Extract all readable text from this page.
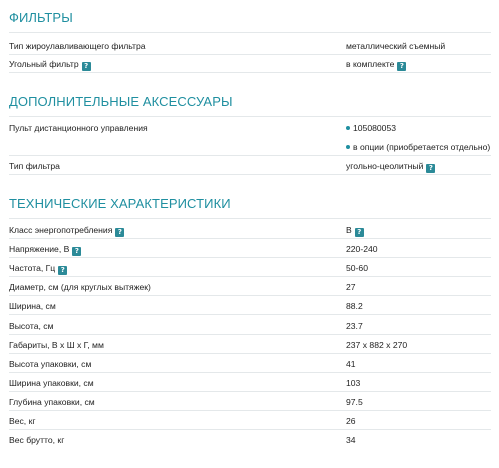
ФИЛЬТРЫ
Тип жироулавливающего фильтра	металлический съемный
Угольный фильтр ?	в комплекте ?
ДОПОЛНИТЕЛЬНЫЕ АКСЕССУАРЫ
Пульт дистанционного управления	105080053
в опции (приобретается отдельно)
Тип фильтра	угольно-цеолитный ?
ТЕХНИЧЕСКИЕ ХАРАКТЕРИСТИКИ
Класс энергопотребления ?	B ?
Напряжение, В ?	220-240
Частота, Гц ?	50-60
Диаметр, см (для круглых вытяжек)	27
Ширина, см	88.2
Высота, см	23.7
Габариты, В x Ш x Г, мм	237 x 882 x 270
Высота упаковки, см	41
Ширина упаковки, см	103
Глубина упаковки, см	97.5
Вес, кг	26
Вес брутто, кг	34
